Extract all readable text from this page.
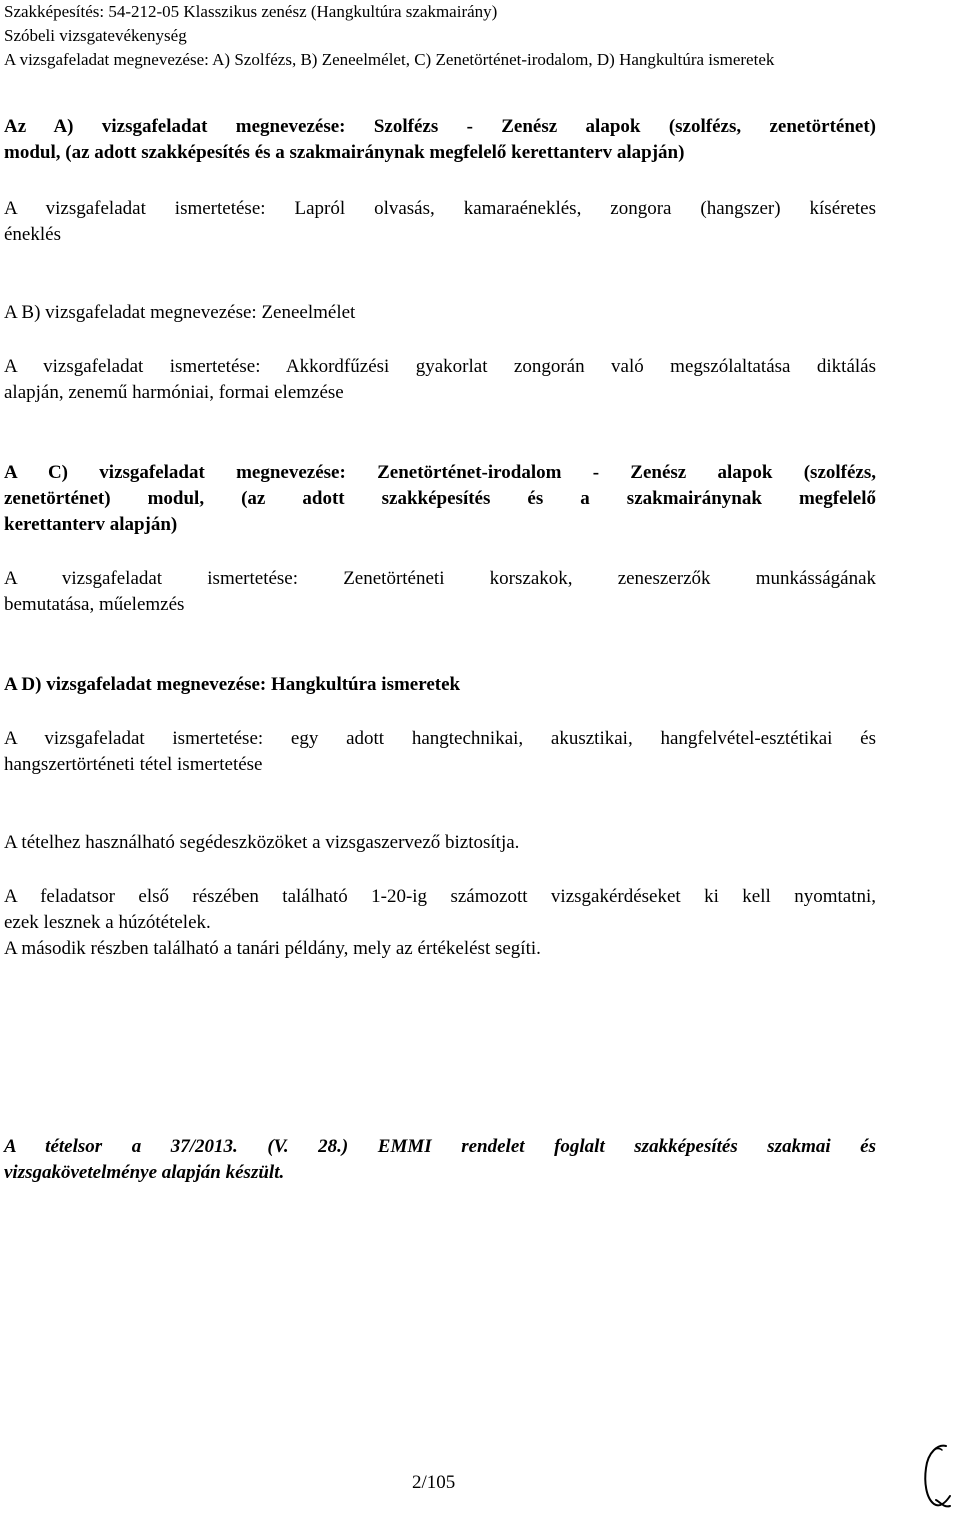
Szakképesítés: 54-212-05 Klasszikus zenész (Hangkultúra szakmairány)
Szóbeli vizsgatevékenység
A vizsgafeladat megnevezése: A) Szolfézs, B) Zeneelmélet, C) Zenetörténet-irodalom, D) Hangkultúra ismeretek
Az A) vizsgafeladat megnevezése: Szolfézs - Zenész alapok (szolfézs, zenetörténet)
modul, (az adott szakképesítés és a szakmairánynak megfelelő kerettanterv alapján)
A vizsgafeladat ismertetése: Lapról olvasás, kamaraéneklés, zongora (hangszer) kíséretes
éneklés
A B) vizsgafeladat megnevezése: Zeneelmélet
A vizsgafeladat ismertetése: Akkordfűzési gyakorlat zongorán való megszólaltatása diktálás
alapján, zenemű harmóniai, formai elemzése
A C) vizsgafeladat megnevezése: Zenetörténet-irodalom - Zenész alapok (szolfézs,
zenetörténet) modul, (az adott szakképesítés és a szakmairánynak megfelelő
kerettanterv alapján)
A vizsgafeladat ismertetése: Zenetörténeti korszakok, zeneszerzők munkásságának
bemutatása, műelemzés
A D) vizsgafeladat megnevezése: Hangkultúra ismeretek
A vizsgafeladat ismertetése: egy adott hangtechnikai, akusztikai, hangfelvétel-esztétikai és
hangszertörténeti tétel ismertetése
A tételhez használható segédeszközöket a vizsgaszervező biztosítja.
A feladatsor első részében található 1-20-ig számozott vizsgakérdéseket ki kell nyomtatni,
ezek lesznek a húzótételek.
A második részben található a tanári példány, mely az értékelést segíti.
A tételsor a 37/2013. (V. 28.) EMMI rendelet foglalt szakképesítés szakmai és
vizsgakövetelménye alapján készült.
2/105
